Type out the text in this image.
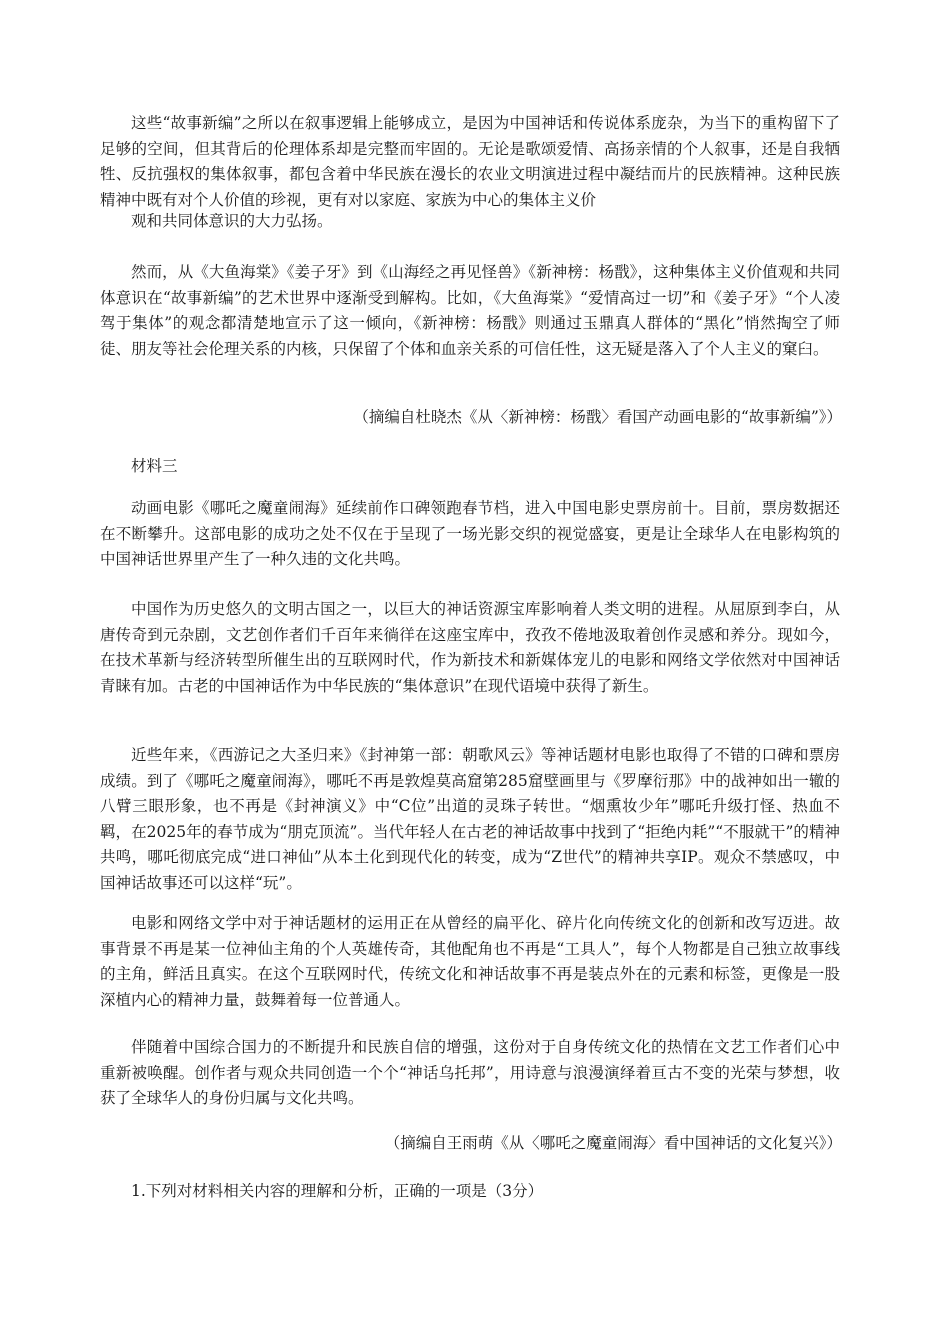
这些“故事新编”之所以在叙事逻辑上能够成立，是因为中国神话和传说体系庞杂，为当下的重构留下了足够的空间，但其背后的伦理体系却是完整而牢固的。无论是歌颂爱情、高扬亲情的个人叙事，还是自我牺牲、反抗强权的集体叙事，都包含着中华民族在漫长的农业文明演进过程中凝结而片的民族精神。这种民族精神中既有对个人价值的珍视，更有对以家庭、家族为中心的集体主义价

观和共同体意识的大力弘扬。

然而，从《大鱼海棠》《姜子牙》到《山海经之再见怪兽》《新神榜：杨戬》，这种集体主义价值观和共同体意识在“故事新编”的艺术世界中逐渐受到解构。比如，《大鱼海棠》“爱情高过一切”和《姜子牙》“个人凌驾于集体”的观念都清楚地宣示了这一倾向，《新神榜：杨戬》则通过玉鼎真人群体的“黑化”悄然掏空了师徒、朋友等社会伦理关系的内核，只保留了个体和血亲关系的可信任性，这无疑是落入了个人主义的窠臼。

（摘编自杜晓杰《从〈新神榜：杨戬〉看国产动画电影的“故事新编”》）

材料三

动画电影《哪吒之魔童闹海》延续前作口碑领跑春节档，进入中国电影史票房前十。目前，票房数据还在不断攀升。这部电影的成功之处不仅在于呈现了一场光影交织的视觉盛宴，更是让全球华人在电影构筑的中国神话世界里产生了一种久违的文化共鸣。

中国作为历史悠久的文明古国之一，以巨大的神话资源宝库影响着人类文明的进程。从屈原到李白，从唐传奇到元杂剧，文艺创作者们千百年来徜徉在这座宝库中，孜孜不倦地汲取着创作灵感和养分。现如今，在技术革新与经济转型所催生出的互联网时代，作为新技术和新媒体宠儿的电影和网络文学依然对中国神话青睐有加。古老的中国神话作为中华民族的“集体意识”在现代语境中获得了新生。

近些年来，《西游记之大圣归来》《封神第一部：朝歌风云》等神话题材电影也取得了不错的口碑和票房成绩。到了《哪吒之魔童闹海》，哪吒不再是敦煌莫高窟第285窟壁画里与《罗摩衍那》中的战神如出一辙的八臂三眼形象，也不再是《封神演义》中“C位”出道的灵珠子转世。“烟熏妆少年”哪吒升级打怪、热血不羁，在2025年的春节成为“朋克顶流”。当代年轻人在古老的神话故事中找到了“拒绝内耗”“不服就干”的精神共鸣，哪吒彻底完成“进口神仙”从本土化到现代化的转变，成为“Z世代”的精神共享IP。观众不禁感叹，中国神话故事还可以这样“玩”。

电影和网络文学中对于神话题材的运用正在从曾经的扁平化、碎片化向传统文化的创新和改写迈进。故事背景不再是某一位神仙主角的个人英雄传奇，其他配角也不再是“工具人”，每个人物都是自己独立故事线的主角，鲜活且真实。在这个互联网时代，传统文化和神话故事不再是装点外在的元素和标签，更像是一股深植内心的精神力量，鼓舞着每一位普通人。

伴随着中国综合国力的不断提升和民族自信的增强，这份对于自身传统文化的热情在文艺工作者们心中重新被唤醒。创作者与观众共同创造一个个“神话乌托邦”，用诗意与浪漫演绎着亘古不变的光荣与梦想，收获了全球华人的身份归属与文化共鸣。

（摘编自王雨萌《从〈哪吒之魔童闹海〉看中国神话的文化复兴》）

1.下列对材料相关内容的理解和分析，正确的一项是（3分）
